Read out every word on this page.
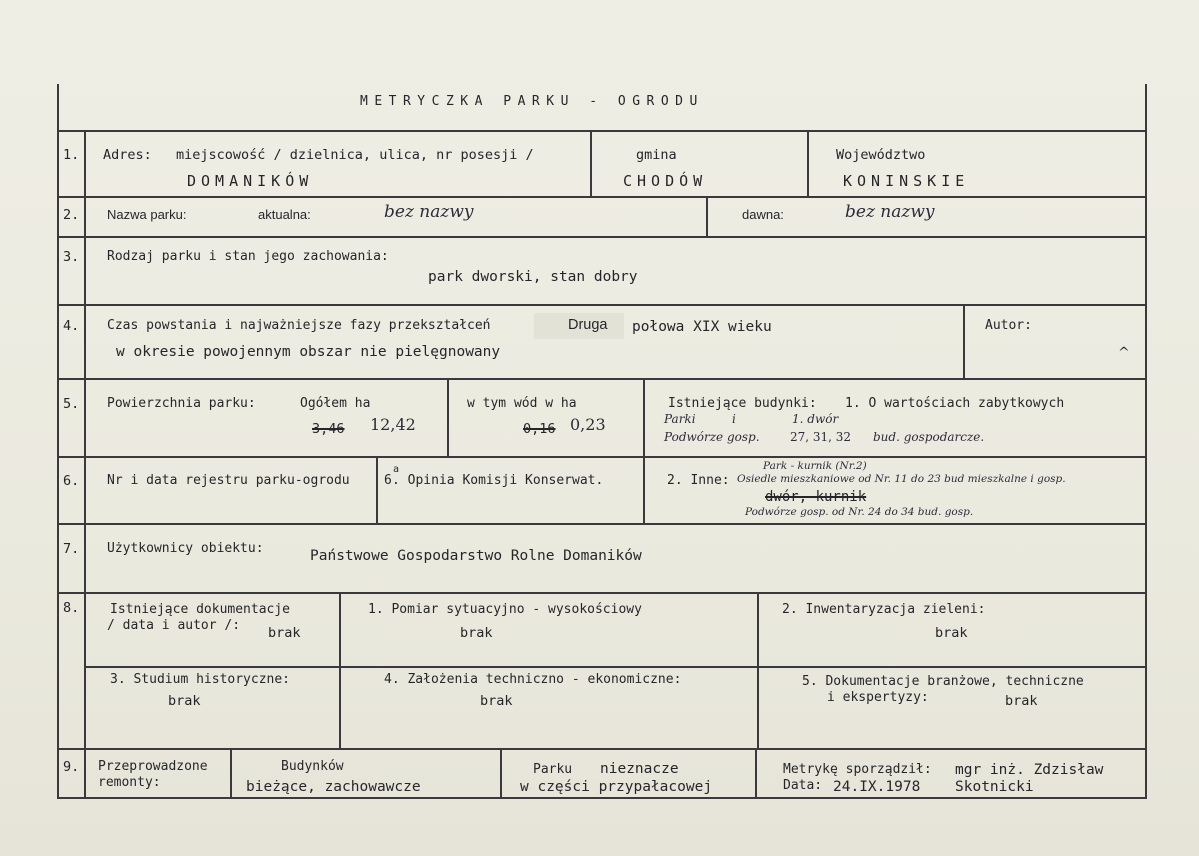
METRYCZKA PARKU - OGRODU
1. Adres: miejscowość / dzielnica, ulica, nr posesji /
DOMANIKÓW
gmina
CHODÓW
Województwo
KONINSKIE
2. Nazwa parku:	aktualna:	bez nazwy	dawna:	bez nazwy
3. Rodzaj parku i stan jego zachowania:
park dworski, stan dobry
4. Czas powstania i najważniejsze fazy przekształceń	Druga połowa XIX wieku
w okresie powojennym obszar nie pielęgnowany
Autor:
^
5. Powierzchnia parku:	Ogółem ha
3,46 12,42
w tym wód w ha
0,16 0,23
Istniejące budynki: 1. O wartościach zabytkowych
Parki	i	1. dwór
Podwórze gosp.	27, 31, 32 bud. gospodarcze.
6. Nr i data rejestru parku-ogrodu	6
a
. Opinia Komisji Konserwat.	2. Inne:
Park - kurnik (Nr.2)
Osiedle mieszkaniowe od Nr. 11 do 23 bud mieszkalne i gosp.
dwór, kurnik
Podwórze gosp. od Nr. 24 do 34 bud. gosp.
7. Użytkownicy obiektu:	Państwowe Gospodarstwo Rolne Domaników
8. Istniejące dokumentacje
/ data i autor /: brak
1. Pomiar sytuacyjno - wysokościowy
brak
2. Inwentaryzacja zieleni:
brak
3. Studium historyczne:
brak
4. Założenia techniczno - ekonomiczne:
brak
5. Dokumentacje branżowe, techniczne
i ekspertyzy:	brak
9. Przeprowadzone
remonty:
Budynków
bieżące, zachowawcze
Parku nieznacze
w części przypałacowej
Metrykę sporządził: mgr inż. Zdzisław
Data: 24.IX.1978 Skotnicki
